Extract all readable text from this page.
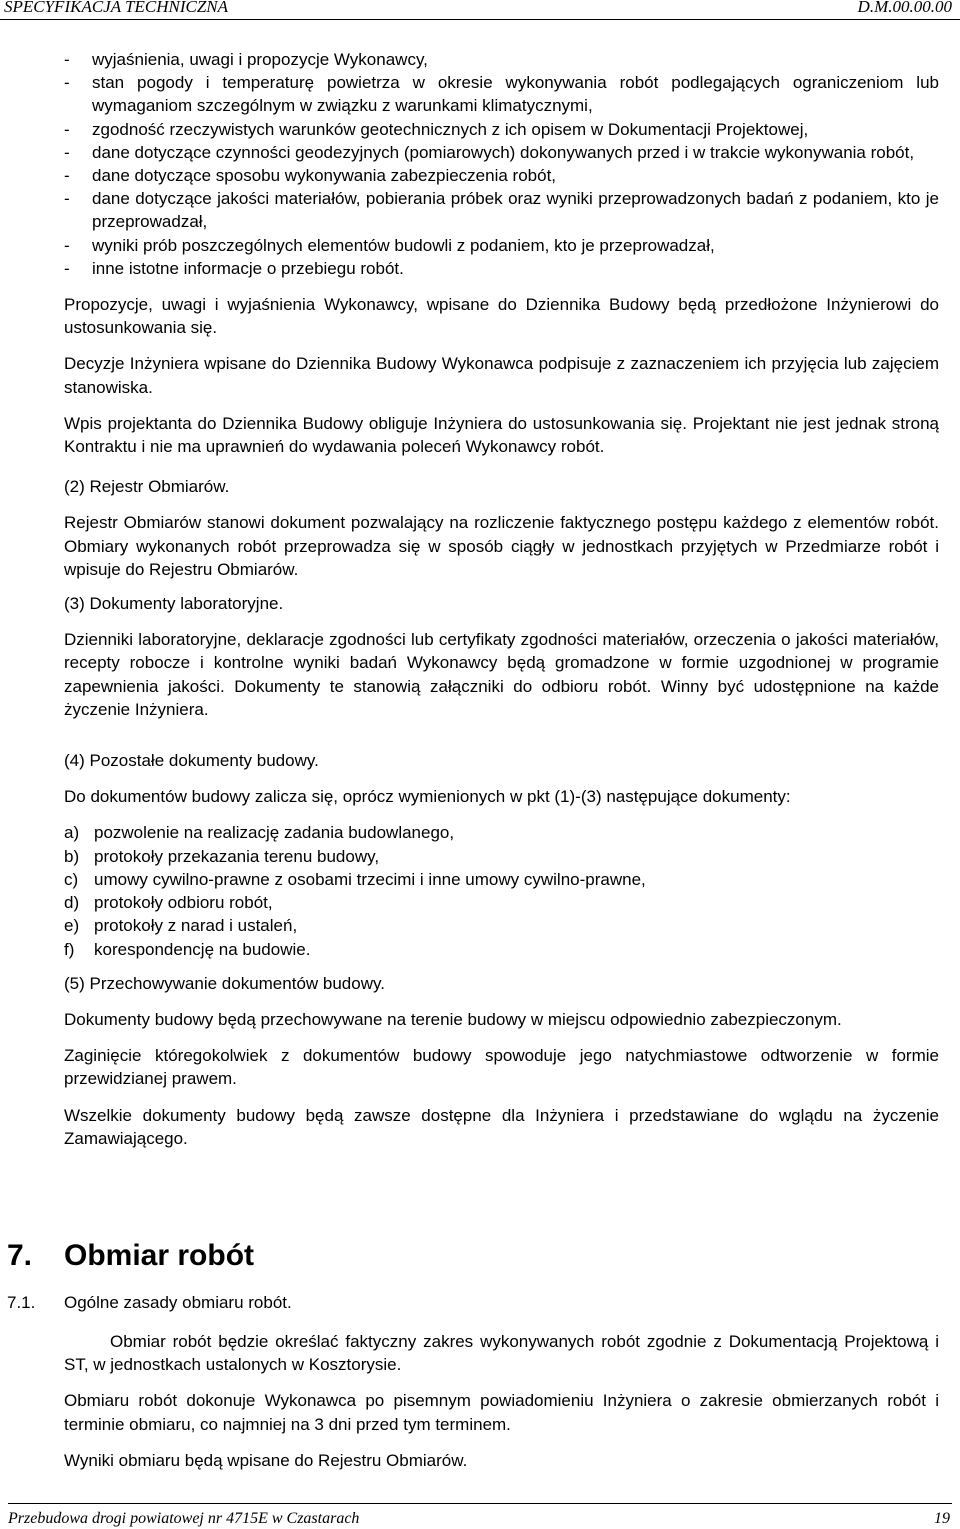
SPECYFIKACJA TECHNICZNA	D.M.00.00.00
- wyjaśnienia, uwagi i propozycje Wykonawcy,
- stan pogody i temperaturę powietrza w okresie wykonywania robót podlegających ograniczeniom lub wymaganiom szczególnym w związku z warunkami klimatycznymi,
- zgodność rzeczywistych warunków geotechnicznych z ich opisem w Dokumentacji Projektowej,
- dane dotyczące czynności geodezyjnych (pomiarowych) dokonywanych przed i w trakcie wykonywania robót,
- dane dotyczące sposobu wykonywania zabezpieczenia robót,
- dane dotyczące jakości materiałów, pobierania próbek oraz wyniki przeprowadzonych badań z podaniem, kto je przeprowadzał,
- wyniki prób poszczególnych elementów budowli z podaniem, kto je przeprowadzał,
- inne istotne informacje o przebiegu robót.

Propozycje, uwagi i wyjaśnienia Wykonawcy, wpisane do Dziennika Budowy będą przedłożone Inżynierowi do ustosunkowania się.

Decyzje Inżyniera wpisane do Dziennika Budowy Wykonawca podpisuje z zaznaczeniem ich przyjęcia lub zajęciem stanowiska.

Wpis projektanta do Dziennika Budowy obliguje Inżyniera do ustosunkowania się. Projektant nie jest jednak stroną Kontraktu i nie ma uprawnień do wydawania poleceń Wykonawcy robót.

(2) Rejestr Obmiarów.

Rejestr Obmiarów stanowi dokument pozwalający na rozliczenie faktycznego postępu każdego z elementów robót. Obmiary wykonanych robót przeprowadza się w sposób ciągły w jednostkach przyjętych w Przedmiarze robót i wpisuje do Rejestru Obmiarów.

(3) Dokumenty laboratoryjne.

Dzienniki laboratoryjne, deklaracje zgodności lub certyfikaty zgodności materiałów, orzeczenia o jakości materiałów, recepty robocze i kontrolne wyniki badań Wykonawcy będą gromadzone w formie uzgodnionej w programie zapewnienia jakości. Dokumenty te stanowią załączniki do odbioru robót. Winny być udostępnione na każde życzenie Inżyniera.

(4) Pozostałe dokumenty budowy.

Do dokumentów budowy zalicza się, oprócz wymienionych w pkt (1)-(3) następujące dokumenty:

a) pozwolenie na realizację zadania budowlanego,
b) protokoły przekazania terenu budowy,
c) umowy cywilno-prawne z osobami trzecimi i inne umowy cywilno-prawne,
d) protokoły odbioru robót,
e) protokoły z narad i ustaleń,
f) korespondencję na budowie.

(5) Przechowywanie dokumentów budowy.

Dokumenty budowy będą przechowywane na terenie budowy w miejscu odpowiednio zabezpieczonym.

Zaginięcie któregokolwiek z dokumentów budowy spowoduje jego natychmiastowe odtworzenie w formie przewidzianej prawem.

Wszelkie dokumenty budowy będą zawsze dostępne dla Inżyniera i przedstawiane do wglądu na życzenie Zamawiającego.

7. Obmiar robót
7.1. Ogólne zasady obmiaru robót.

Obmiar robót będzie określać faktyczny zakres wykonywanych robót zgodnie z Dokumentacją Projektową i ST, w jednostkach ustalonych w Kosztorysie.

Obmiaru robót dokonuje Wykonawca po pisemnym powiadomieniu Inżyniera o zakresie obmierzanych robót i terminie obmiaru, co najmniej na 3 dni przed tym terminem.

Wyniki obmiaru będą wpisane do Rejestru Obmiarów.

Przebudowa drogi powiatowej nr 4715E w Czastarach	19
